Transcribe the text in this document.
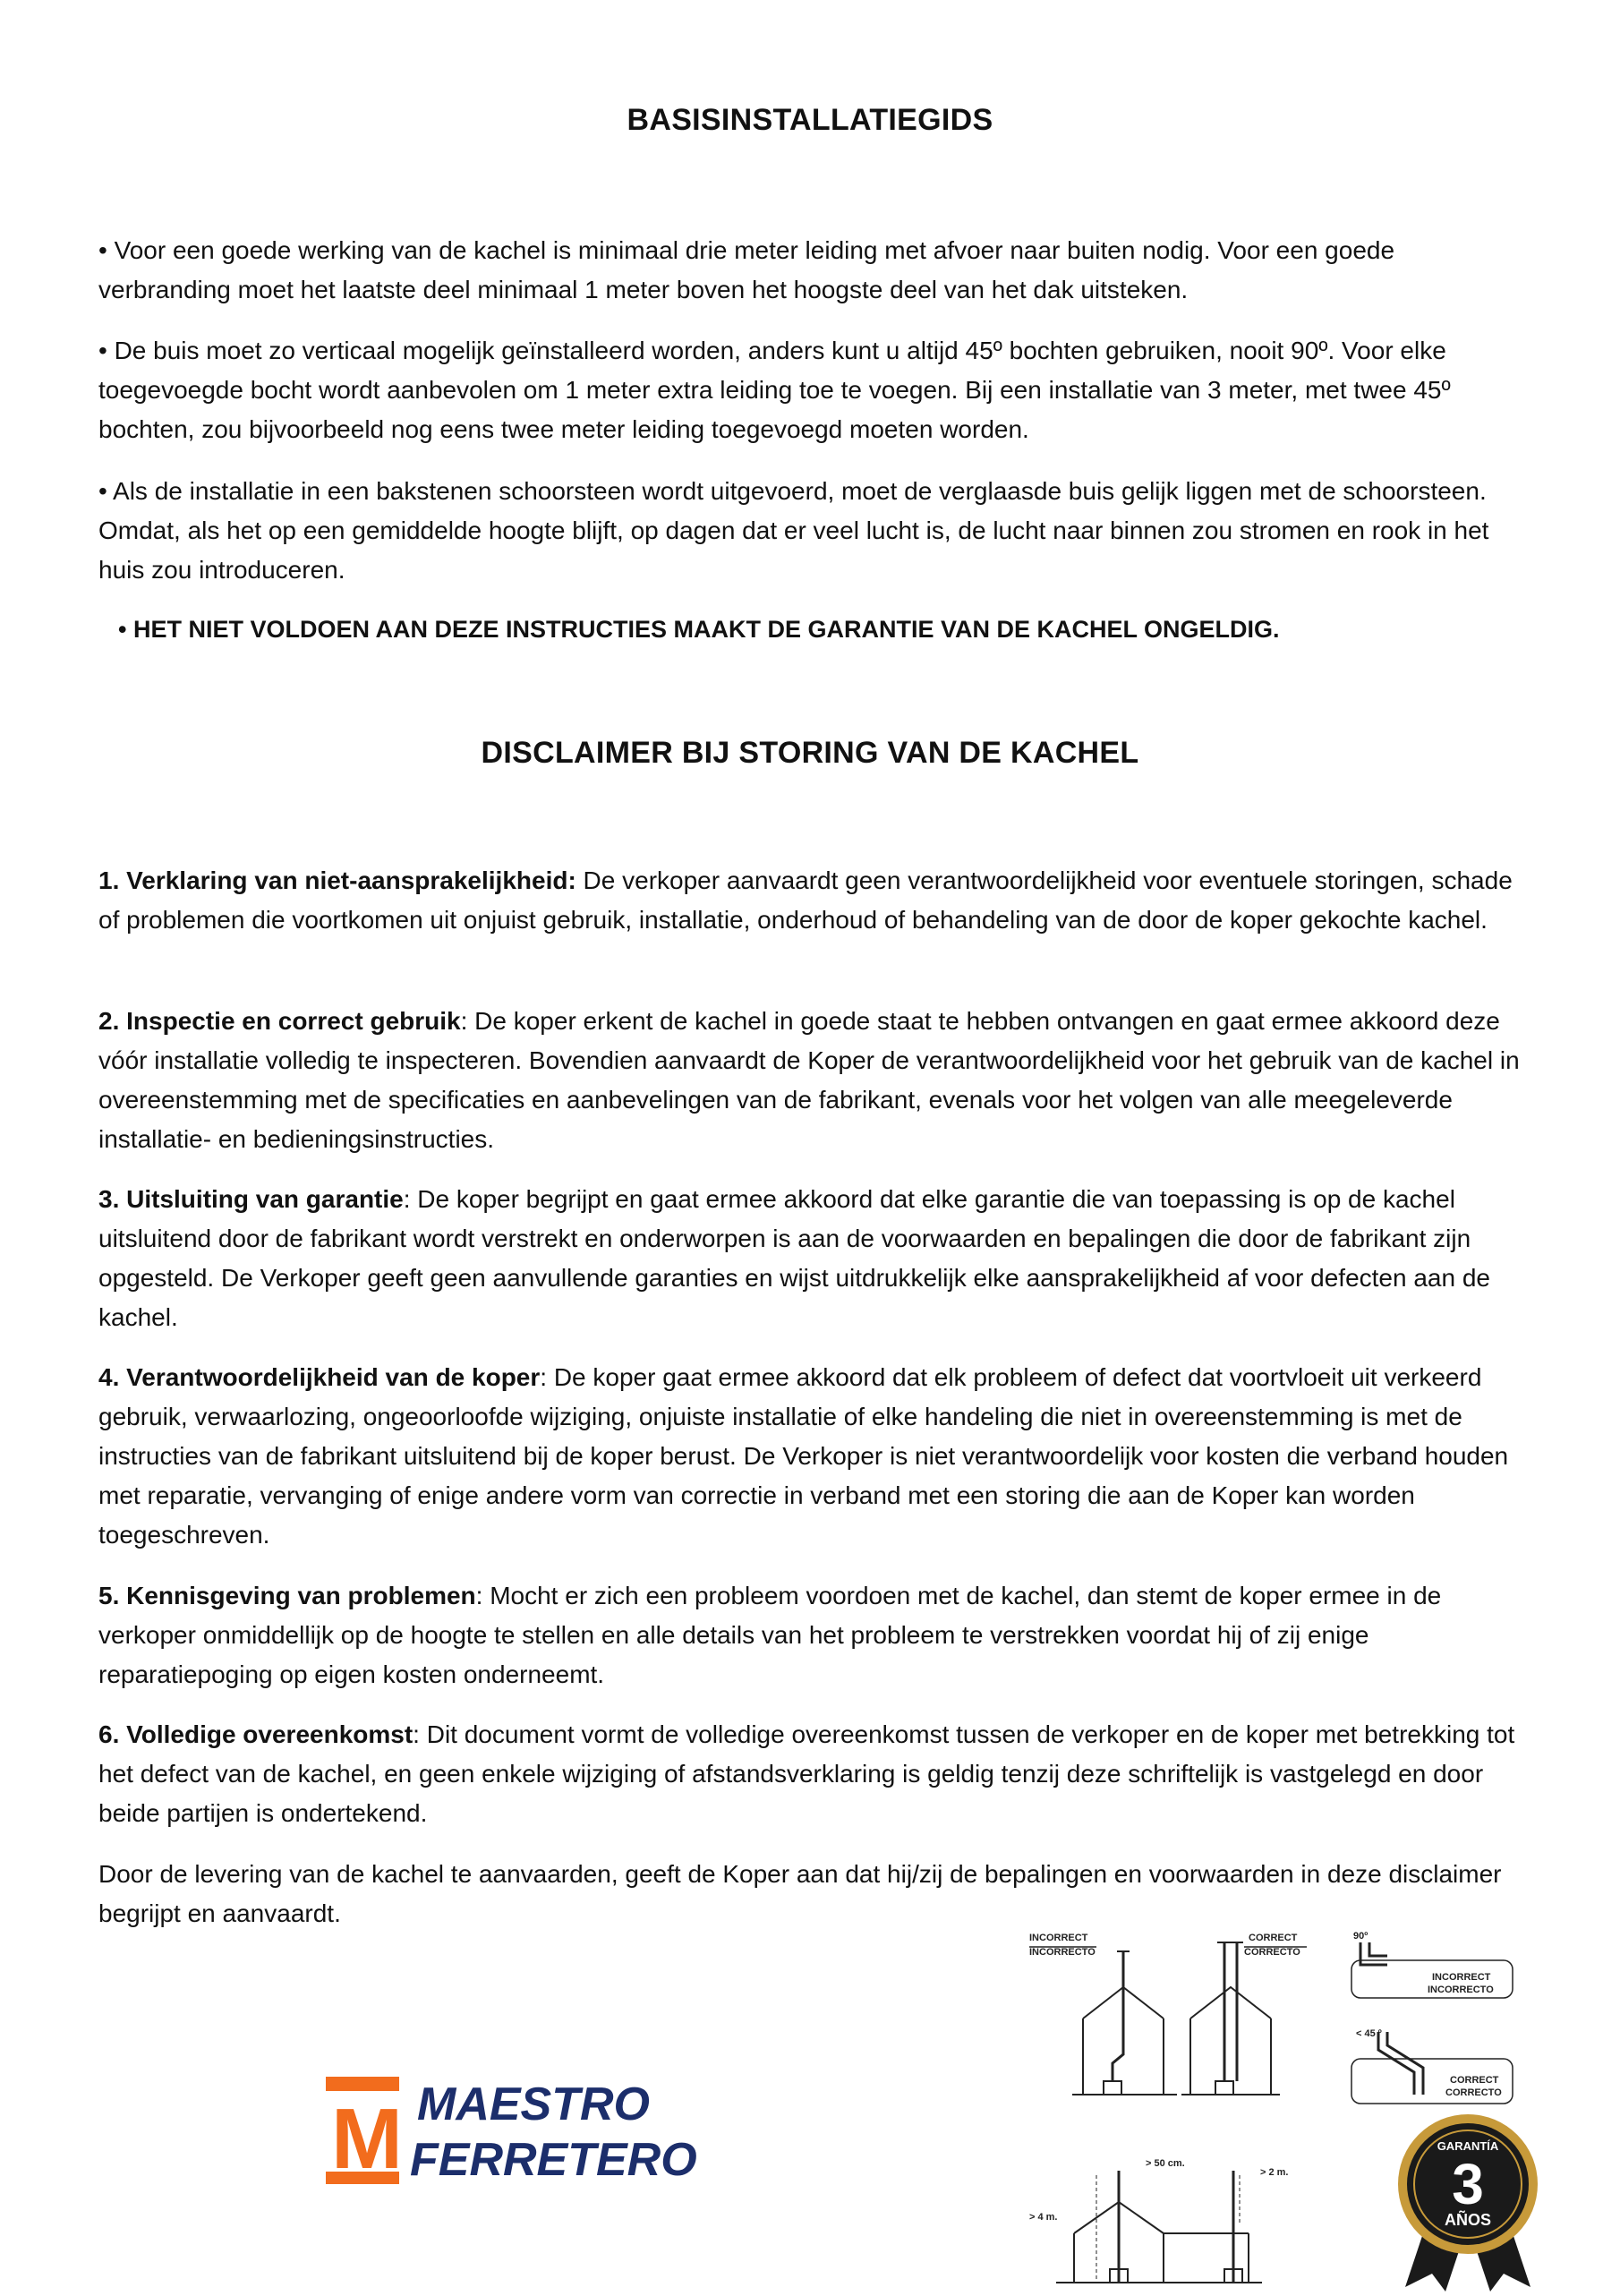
BASISINSTALLATIEGIDS
• Voor een goede werking van de kachel is minimaal drie meter leiding met afvoer naar buiten nodig. Voor een goede verbranding moet het laatste deel minimaal 1 meter boven het hoogste deel van het dak uitsteken.
• De buis moet zo verticaal mogelijk geïnstalleerd worden, anders kunt u altijd 45º bochten gebruiken, nooit 90º. Voor elke toegevoegde bocht wordt aanbevolen om 1 meter extra leiding toe te voegen. Bij een installatie van 3 meter, met twee 45º bochten, zou bijvoorbeeld nog eens twee meter leiding toegevoegd moeten worden.
• Als de installatie in een bakstenen schoorsteen wordt uitgevoerd, moet de verglaasde buis gelijk liggen met de schoorsteen. Omdat, als het op een gemiddelde hoogte blijft, op dagen dat er veel lucht is, de lucht naar binnen zou stromen en rook in het huis zou introduceren.
• HET NIET VOLDOEN AAN DEZE INSTRUCTIES MAAKT DE GARANTIE VAN DE KACHEL ONGELDIG.
DISCLAIMER BIJ STORING VAN DE KACHEL
1. Verklaring van niet-aansprakelijkheid: De verkoper aanvaardt geen verantwoordelijkheid voor eventuele storingen, schade of problemen die voortkomen uit onjuist gebruik, installatie, onderhoud of behandeling van de door de koper gekochte kachel.
2. Inspectie en correct gebruik: De koper erkent de kachel in goede staat te hebben ontvangen en gaat ermee akkoord deze vóór installatie volledig te inspecteren. Bovendien aanvaardt de Koper de verantwoordelijkheid voor het gebruik van de kachel in overeenstemming met de specificaties en aanbevelingen van de fabrikant, evenals voor het volgen van alle meegeleverde installatie- en bedieningsinstructies.
3. Uitsluiting van garantie: De koper begrijpt en gaat ermee akkoord dat elke garantie die van toepassing is op de kachel uitsluitend door de fabrikant wordt verstrekt en onderworpen is aan de voorwaarden en bepalingen die door de fabrikant zijn opgesteld. De Verkoper geeft geen aanvullende garanties en wijst uitdrukkelijk elke aansprakelijkheid af voor defecten aan de kachel.
4. Verantwoordelijkheid van de koper: De koper gaat ermee akkoord dat elk probleem of defect dat voortvloeit uit verkeerd gebruik, verwaarlozing, ongeoorloofde wijziging, onjuiste installatie of elke handeling die niet in overeenstemming is met de instructies van de fabrikant uitsluitend bij de koper berust. De Verkoper is niet verantwoordelijk voor kosten die verband houden met reparatie, vervanging of enige andere vorm van correctie in verband met een storing die aan de Koper kan worden toegeschreven.
5. Kennisgeving van problemen: Mocht er zich een probleem voordoen met de kachel, dan stemt de koper ermee in de verkoper onmiddellijk op de hoogte te stellen en alle details van het probleem te verstrekken voordat hij of zij enige reparatiepoging op eigen kosten onderneemt.
6. Volledige overeenkomst: Dit document vormt de volledige overeenkomst tussen de verkoper en de koper met betrekking tot het defect van de kachel, en geen enkele wijziging of afstandsverklaring is geldig tenzij deze schriftelijk is vastgelegd en door beide partijen is ondertekend.
Door de levering van de kachel te aanvaarden, geeft de Koper aan dat hij/zij de bepalingen en voorwaarden in deze disclaimer begrijpt en aanvaardt.
INCORRECT
INCORRECTO
CORRECT
CORRECTO
90º
INCORRECT
INCORRECTO
< 45 º
CORRECT
CORRECTO
> 50 cm.
> 2 m.
> 4 m.
M MAESTRO
FERRETERO	GARANTÍA
3
AÑOS
